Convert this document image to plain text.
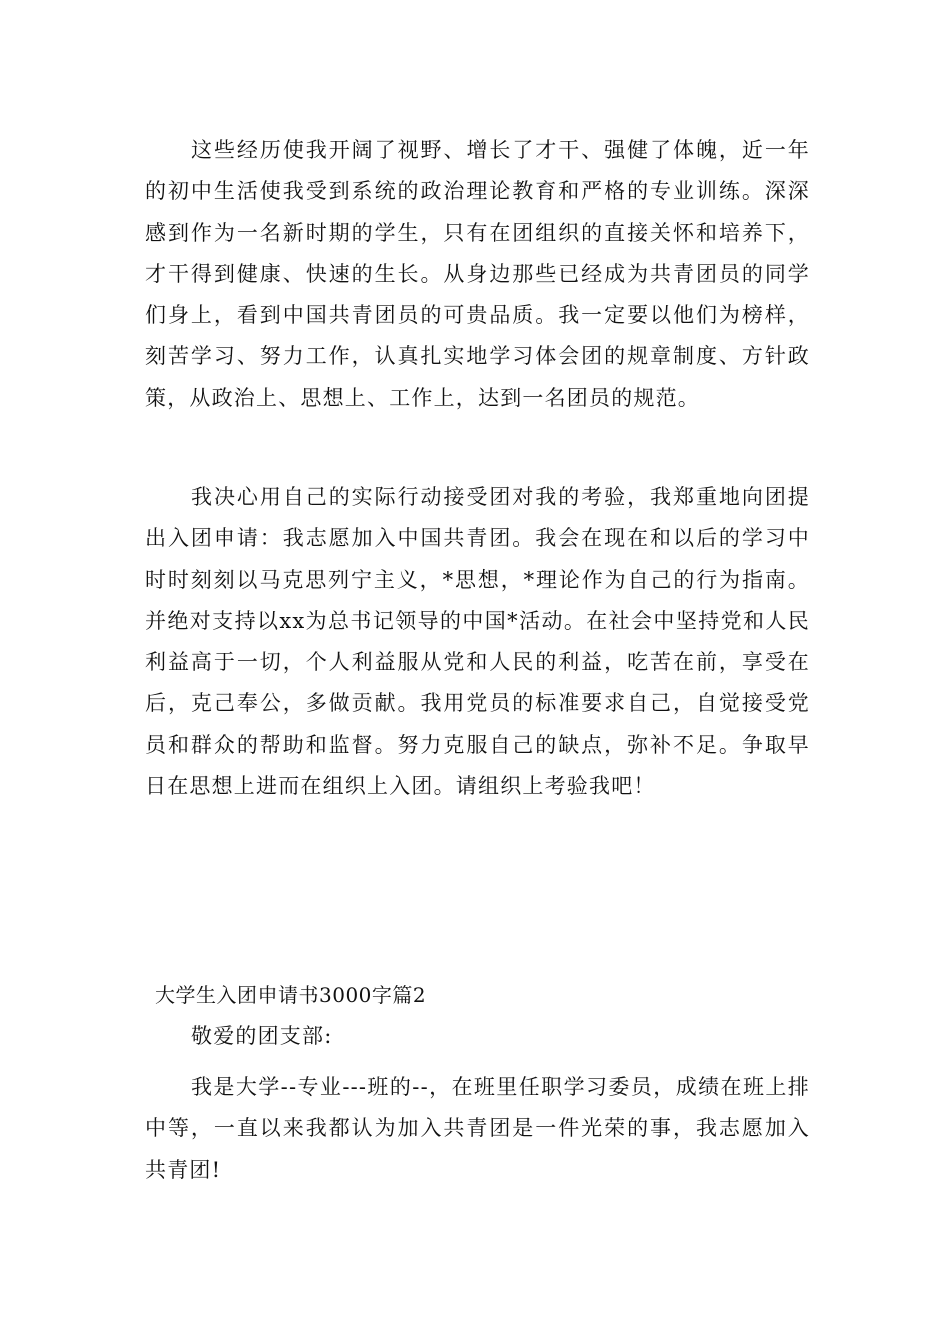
这些经历使我开阔了视野、增长了才干、强健了体魄，近一年的初中生活使我受到系统的政治理论教育和严格的专业训练。深深感到作为一名新时期的学生，只有在团组织的直接关怀和培养下，才干得到健康、快速的生长。从身边那些已经成为共青团员的同学们身上，看到中国共青团员的可贵品质。我一定要以他们为榜样，刻苦学习、努力工作，认真扎实地学习体会团的规章制度、方针政策，从政治上、思想上、工作上，达到一名团员的规范。

我决心用自己的实际行动接受团对我的考验，我郑重地向团提出入团申请：我志愿加入中国共青团。我会在现在和以后的学习中时时刻刻以马克思列宁主义，*思想，*理论作为自己的行为指南。并绝对支持以xx为总书记领导的中国*活动。在社会中坚持党和人民利益高于一切，个人利益服从党和人民的利益，吃苦在前，享受在后，克己奉公，多做贡献。我用党员的标准要求自己，自觉接受党员和群众的帮助和监督。努力克服自己的缺点，弥补不足。争取早日在思想上进而在组织上入团。请组织上考验我吧！

大学生入团申请书3000字篇2

敬爱的团支部:

我是大学--专业---班的--，在班里任职学习委员，成绩在班上排中等，一直以来我都认为加入共青团是一件光荣的事，我志愿加入共青团!
